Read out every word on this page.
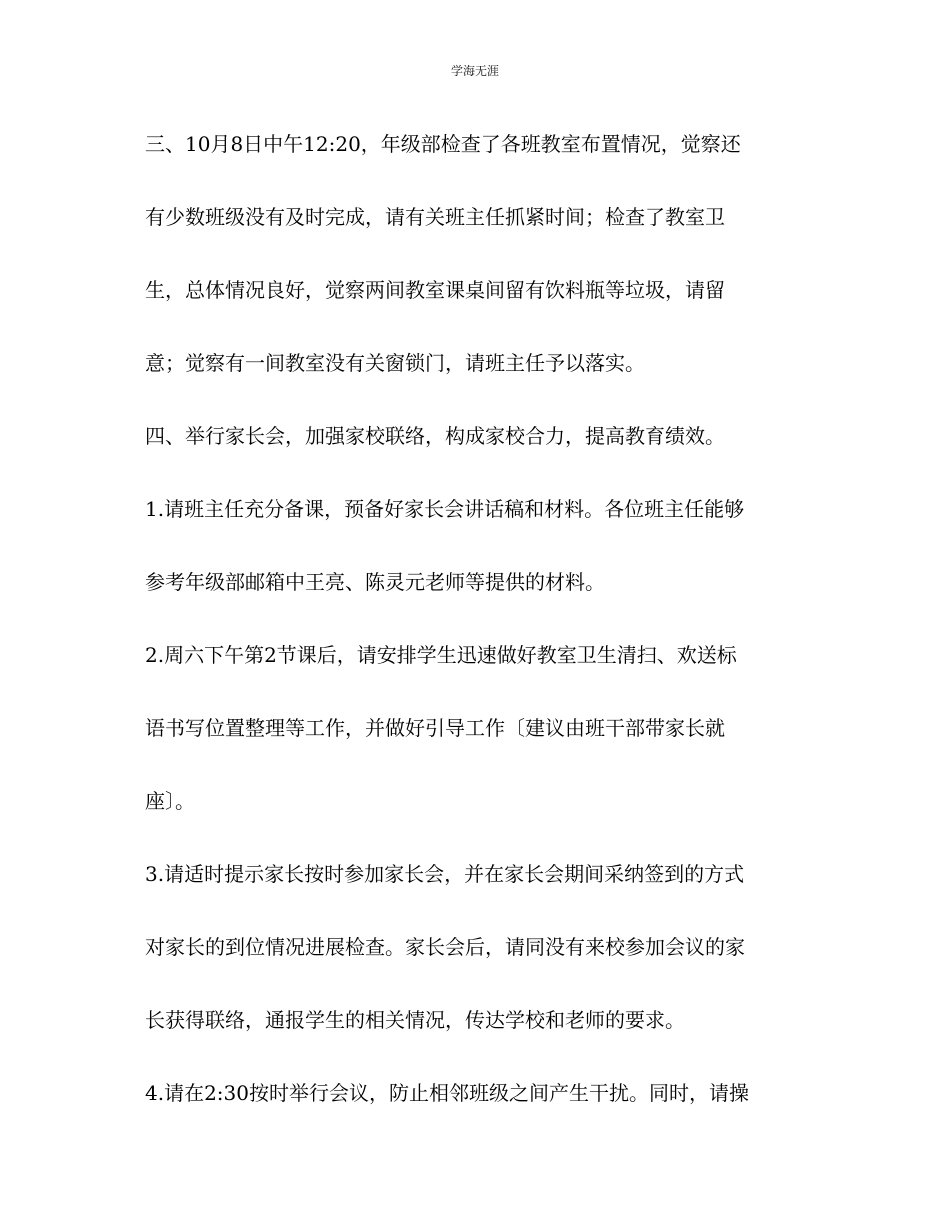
学海无涯
三、10月8日中午12:20，年级部检查了各班教室布置情况，觉察还
有少数班级没有及时完成，请有关班主任抓紧时间；检查了教室卫
生，总体情况良好，觉察两间教室课桌间留有饮料瓶等垃圾，请留
意；觉察有一间教室没有关窗锁门，请班主任予以落实。
四、举行家长会，加强家校联络，构成家校合力，提高教育绩效。
1.请班主任充分备课，预备好家长会讲话稿和材料。各位班主任能够
参考年级部邮箱中王亮、陈灵元老师等提供的材料。
2.周六下午第2节课后，请安排学生迅速做好教室卫生清扫、欢送标
语书写位置整理等工作，并做好引导工作〔建议由班干部带家长就
座〕。
3.请适时提示家长按时参加家长会，并在家长会期间采纳签到的方式
对家长的到位情况进展检查。家长会后，请同没有来校参加会议的家
长获得联络，通报学生的相关情况，传达学校和老师的要求。
4.请在2:30按时举行会议，防止相邻班级之间产生干扰。同时，请操
